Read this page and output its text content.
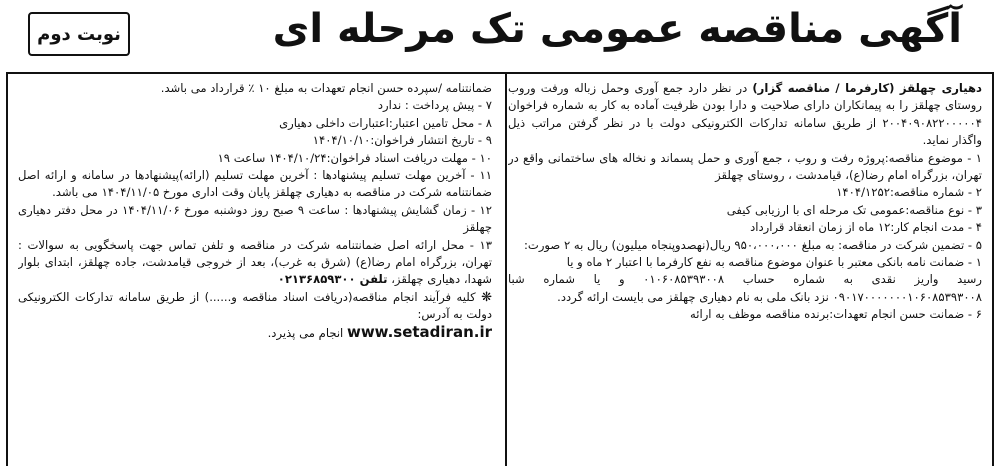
آگهی مناقصه عمومی تک مرحله ای
نوبت دوم

دهیاری چهلقز (کارفرما / مناقصه گزار) در نظر دارد جمع آوری وحمل زباله ورفت وروب روستای چهلقز را به پیمانکاران دارای صلاحیت و دارا بودن ظرفیت آماده به کار به شماره فراخوان ۲۰۰۴۰۹۰۸۲۲۰۰۰۰۰۴ از طریق سامانه تدارکات الکترونیکی دولت با در نظر گرفتن مراتب ذیل واگذار نماید.

۱ - موضوع مناقصه:پروژه رفت و روب ، جمع آوری و حمل پسماند و نخاله های ساختمانی واقع در تهران، بزرگراه امام رضا(ع)، قیامدشت ، روستای چهلقز

۲ - شماره مناقصه:۱۴۰۴/۱۲۵۲

۳ - نوع مناقصه:عمومی تک مرحله ای با ارزیابی کیفی

۴ - مدت انجام کار:۱۲ ماه از زمان انعقاد قرارداد

۵ - تضمین شرکت در مناقصه: به مبلغ ۹۵۰،۰۰۰،۰۰۰ ریال(نهصدوپنجاه میلیون) ریال به ۲ صورت:

۱ - ضمانت نامه بانکی معتبر با عنوان موضوع مناقصه به نفع کارفرما با اعتبار ۲ ماه و یا

رسید واریز نقدی به شماره حساب ۰۱۰۶۰۸۵۳۹۳۰۰۸ و یا شماره شبا ۰۹۰۱۷۰۰۰۰۰۰۰۱۰۶۰۸۵۳۹۳۰۰۸ نزد بانک ملی به نام دهیاری چهلقز می بایست ارائه گردد.

۶ - ضمانت حسن انجام تعهدات:برنده مناقصه موظف به ارائه

ضمانتنامه /سپرده حسن انجام تعهدات به مبلغ ۱۰ ٪ قرارداد می باشد.

۷ - پیش پرداخت : ندارد

۸ - محل تامین اعتبار:اعتبارات داخلی دهیاری

۹ - تاریخ انتشار فراخوان:۱۴۰۴/۱۰/۱۰

۱۰ - مهلت دریافت اسناد فراخوان:۱۴۰۴/۱۰/۲۴ ساعت ۱۹

۱۱ - آخرین مهلت تسلیم پیشنهادها : آخرین مهلت تسلیم (ارائه)پیشنهادها در سامانه و ارائه اصل ضمانتنامه شرکت در مناقصه به دهیاری چهلقز پایان وقت اداری مورخ ۱۴۰۴/۱۱/۰۵ می باشد.

۱۲ - زمان گشایش پیشنهادها : ساعت ۹ صبح روز دوشنبه مورخ ۱۴۰۴/۱۱/۰۶ در محل دفتر دهیاری چهلقز

۱۳ - محل ارائه اصل ضمانتنامه شرکت در مناقصه و تلفن تماس جهت پاسخگویی به سوالات : تهران، بزرگراه امام رضا(ع) (شرق به غرب)، بعد از خروجی قیامدشت، جاده چهلقز، ابتدای بلوار شهدا، دهیاری چهلقز، تلفن ۰۲۱۳۶۸۵۹۳۰۰

❋ کلیه فرآیند انجام مناقصه(دریافت اسناد مناقصه و......) از طریق سامانه تدارکات الکترونیکی دولت به آدرس:

www.setadiran.ir انجام می پذیرد.
